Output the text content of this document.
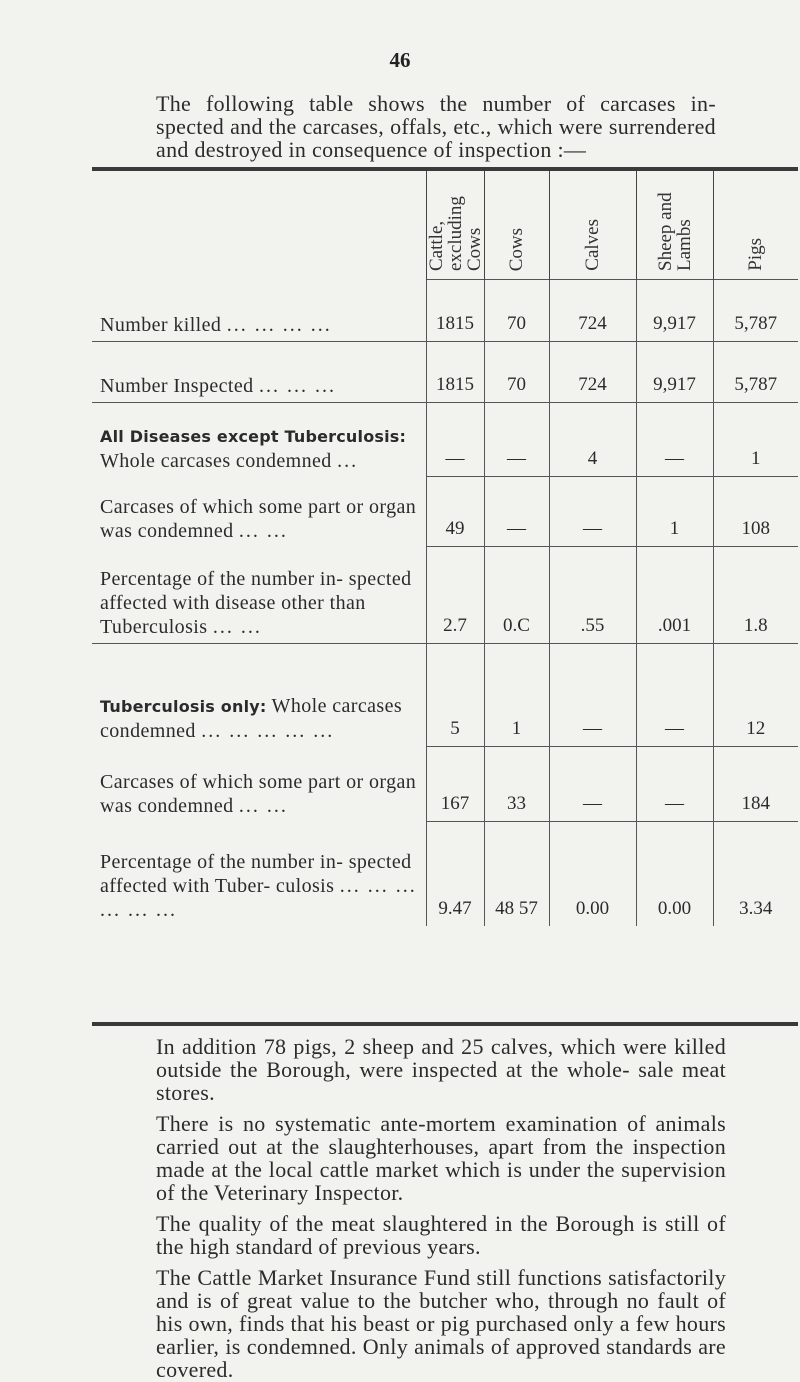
46

The following table shows the number of carcases in- spected and the carcases, offals, etc., which were surrendered and destroyed in consequence of inspection :—

	Cattle, excluding Cows	Cows	Calves	Sheep and Lambs	Pigs

Number killed ... ... ... ...	1815	70	724	9,917	5,787
Number Inspected ... ... ...	1815	70	724	9,917	5,787
All Diseases except Tuberculosis:
Whole carcases condemned ...	—	—	4	—	1
Carcases of which some part or organ was condemned ... ...	49	—	—	1	108
Percentage of the number in- spected affected with disease other than Tuberculosis ... ...	2.7	0.C	.55	.001	1.8
Tuberculosis only: Whole carcases condemned ... ... ... ... ...	5	1	—	—	12
Carcases of which some part or organ was condemned ... ...	167	33	—	—	184
Percentage of the number in- spected affected with Tuber- culosis ... ... ... ... ... ...	9.47	48 57	0.00	0.00	3.34

In addition 78 pigs, 2 sheep and 25 calves, which were killed outside the Borough, were inspected at the whole- sale meat stores.

There is no systematic ante-mortem examination of animals carried out at the slaughterhouses, apart from the inspection made at the local cattle market which is under the supervision of the Veterinary Inspector.

The quality of the meat slaughtered in the Borough is still of the high standard of previous years.

The Cattle Market Insurance Fund still functions satisfactorily and is of great value to the butcher who, through no fault of his own, finds that his beast or pig purchased only a few hours earlier, is condemned. Only animals of approved standards are covered.
